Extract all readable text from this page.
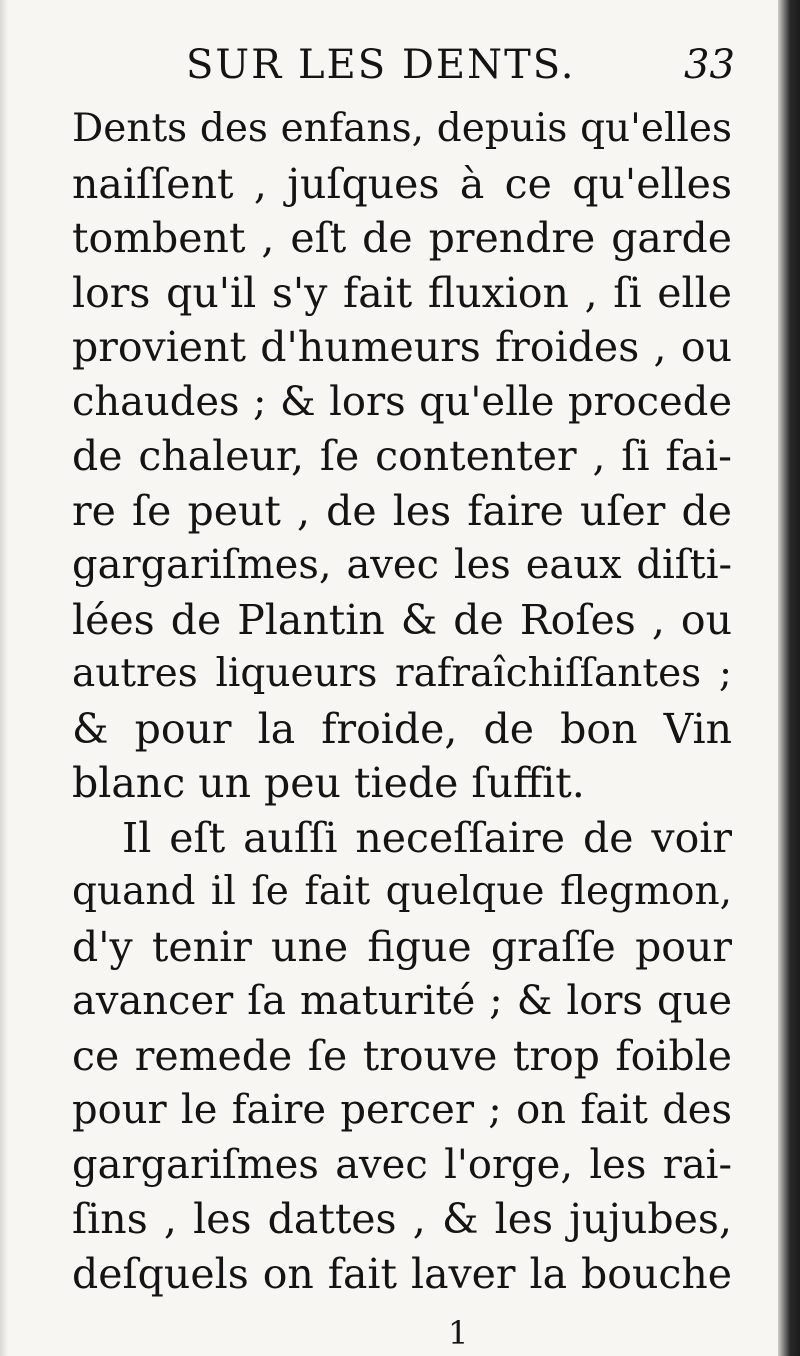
SUR LES DENTS.	33
Dents des enfans, depuis qu'elles
naiſſent , juſques à ce qu'elles
tombent , eſt de prendre garde
lors qu'il s'y fait fluxion , ſi elle
provient d'humeurs froides , ou
chaudes ; & lors qu'elle procede
de chaleur, ſe contenter , ſi fai-
re ſe peut , de les faire uſer de
gargariſmes, avec les eaux diſti-
lées de Plantin & de Roſes , ou
autres liqueurs rafraîchiſſantes ;
& pour la froide, de bon Vin
blanc un peu tiede ſuffit.
Il eſt auſſi neceſſaire de voir
quand il ſe fait quelque flegmon,
d'y tenir une figue graſſe pour
avancer ſa maturité ; & lors que
ce remede ſe trouve trop foible
pour le faire percer ; on fait des
gargariſmes avec l'orge, les rai-
ſins , les dattes , & les jujubes,
deſquels on fait laver la bouche
1
